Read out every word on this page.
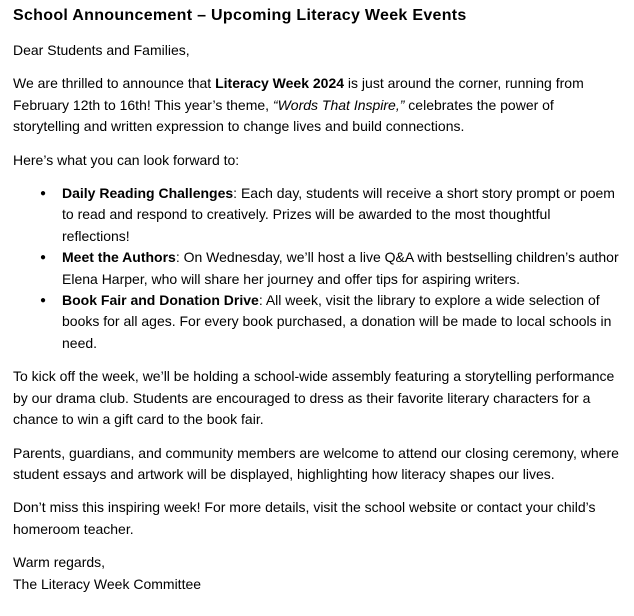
School Announcement – Upcoming Literacy Week Events

Dear Students and Families,

We are thrilled to announce that Literacy Week 2024 is just around the corner, running from February 12th to 16th! This year’s theme, “Words That Inspire,” celebrates the power of storytelling and written expression to change lives and build connections.

Here’s what you can look forward to:

●	Daily Reading Challenges: Each day, students will receive a short story prompt or poem to read and respond to creatively. Prizes will be awarded to the most thoughtful reflections!
●	Meet the Authors: On Wednesday, we’ll host a live Q&A with bestselling children’s author Elena Harper, who will share her journey and offer tips for aspiring writers.
●	Book Fair and Donation Drive: All week, visit the library to explore a wide selection of books for all ages. For every book purchased, a donation will be made to local schools in need.

To kick off the week, we’ll be holding a school-wide assembly featuring a storytelling performance by our drama club. Students are encouraged to dress as their favorite literary characters for a chance to win a gift card to the book fair.

Parents, guardians, and community members are welcome to attend our closing ceremony, where student essays and artwork will be displayed, highlighting how literacy shapes our lives.

Don’t miss this inspiring week! For more details, visit the school website or contact your child’s homeroom teacher.

Warm regards,
The Literacy Week Committee
